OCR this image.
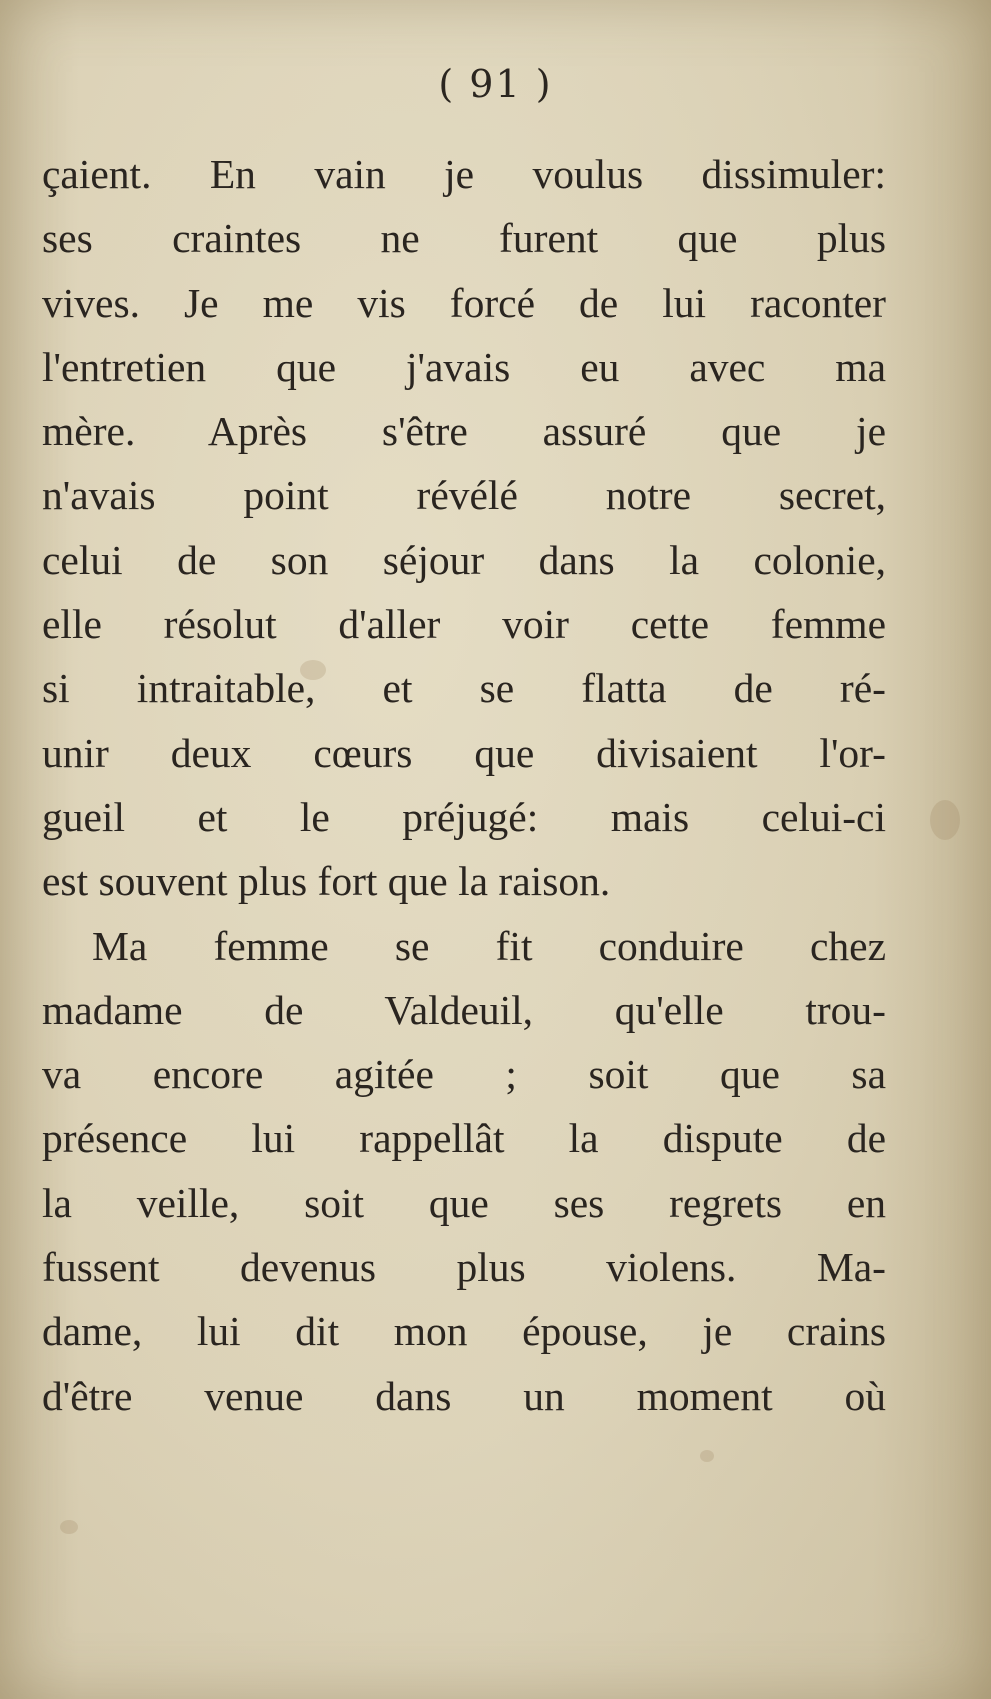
( 91 )
çaient. En vain je voulus dissimuler:
ses craintes ne furent que plus
vives. Je me vis forcé de lui raconter
l'entretien que j'avais eu avec ma
mère. Après s'être assuré que je
n'avais point révélé notre secret,
celui de son séjour dans la colonie,
elle résolut d'aller voir cette femme
si intraitable, et se flatta de ré-
unir deux cœurs que divisaient l'or-
gueil et le préjugé: mais celui-ci
est souvent plus fort que la raison.
Ma femme se fit conduire chez
madame de Valdeuil, qu'elle trou-
va encore agitée ; soit que sa
présence lui rappellât la dispute de
la veille, soit que ses regrets en
fussent devenus plus violens. Ma-
dame, lui dit mon épouse, je crains
d'être venue dans un moment où
